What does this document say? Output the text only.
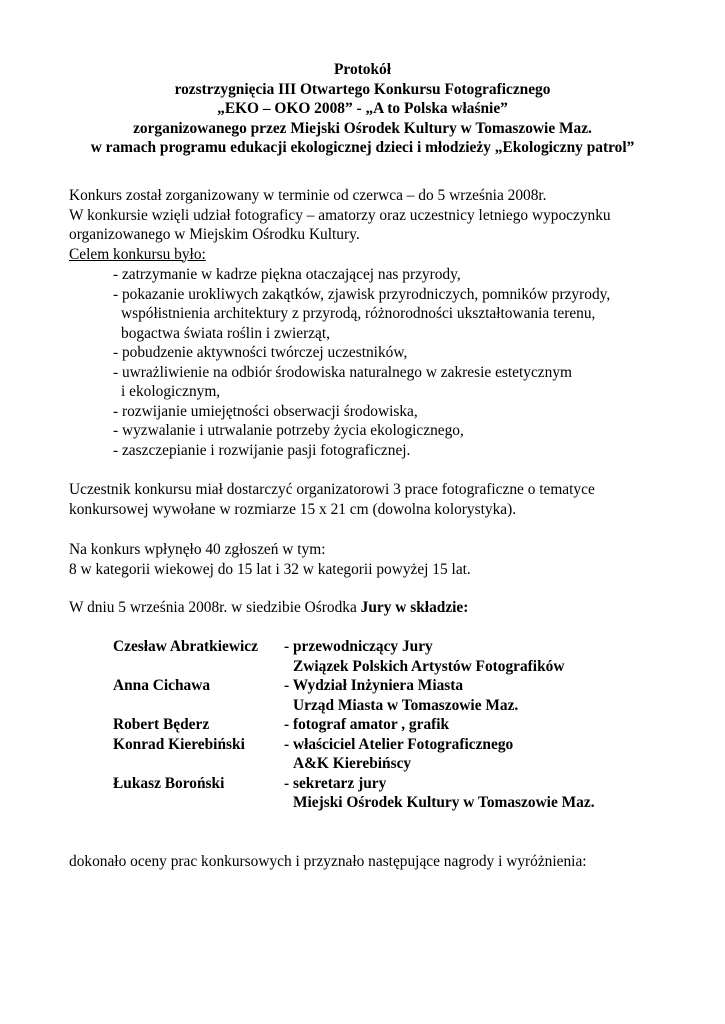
Protokół
rozstrzygnięcia III Otwartego Konkursu Fotograficznego
„EKO – OKO 2008” - „A to Polska właśnie”
zorganizowanego przez Miejski Ośrodek Kultury w Tomaszowie Maz.
w ramach programu edukacji ekologicznej dzieci i młodzieży „Ekologiczny patrol”
Konkurs został zorganizowany w terminie od czerwca – do 5 września 2008r.
W konkursie wzięli udział fotograficy – amatorzy oraz uczestnicy letniego wypoczynku
organizowanego w Miejskim Ośrodku Kultury.
Celem konkursu było:
- zatrzymanie w kadrze piękna otaczającej nas przyrody,
- pokazanie urokliwych zakątków, zjawisk przyrodniczych, pomników przyrody,
współistnienia architektury z przyrodą, różnorodności ukształtowania terenu,
bogactwa świata roślin i zwierząt,
- pobudzenie aktywności twórczej uczestników,
- uwrażliwienie na odbiór środowiska naturalnego w zakresie estetycznym
i ekologicznym,
- rozwijanie umiejętności obserwacji środowiska,
- wyzwalanie i utrwalanie potrzeby życia ekologicznego,
- zaszczepianie i rozwijanie pasji fotograficznej.
Uczestnik konkursu miał dostarczyć organizatorowi 3 prace fotograficzne o tematyce
konkursowej wywołane w rozmiarze 15 x 21 cm (dowolna kolorystyka).
Na konkurs wpłynęło 40 zgłoszeń w tym:
8 w kategorii wiekowej do 15 lat i 32 w kategorii powyżej 15 lat.
W dniu 5 września 2008r. w siedzibie Ośrodka Jury w składzie:
Czesław Abratkiewicz	- przewodniczący Jury
Związek Polskich Artystów Fotografików
Anna Cichawa	- Wydział Inżyniera Miasta
Urząd Miasta w Tomaszowie Maz.
Robert Będerz	- fotograf amator , grafik
Konrad Kierebiński	- właściciel Atelier Fotograficznego
A&K Kierebińscy
Łukasz Boroński	- sekretarz jury
Miejski Ośrodek Kultury w Tomaszowie Maz.
dokonało oceny prac konkursowych i przyznało następujące nagrody i wyróżnienia:
